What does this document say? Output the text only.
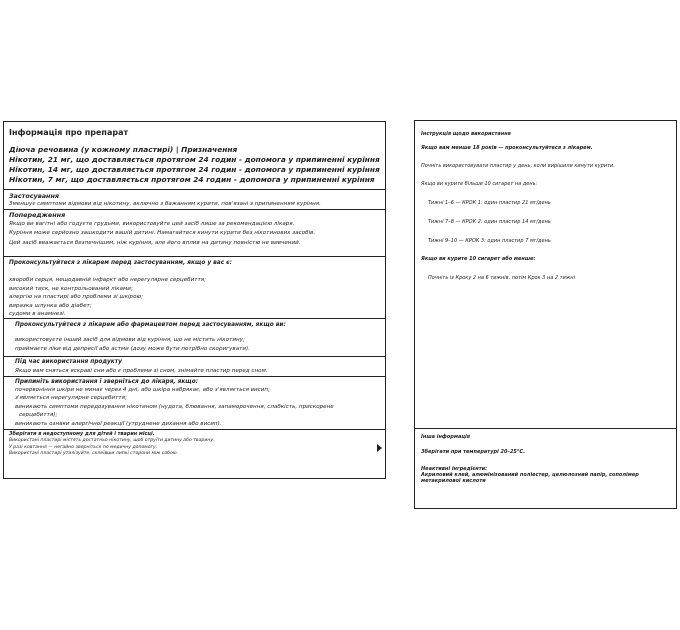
Інформація про препарат

Діюча речовина (у кожному пластирі) | Призначення

Нікотин, 21 мг, що доставляється протягом 24 годин - допомога у припиненні куріння

Нікотин, 14 мг, що доставляється протягом 24 годин - допомога у припиненні куріння

Нікотин, 7 мг, що доставляється протягом 24 годин - допомога у припиненні куріння

Застосування

Зменшує симптоми відмови від нікотину, включно з бажанням курити, пов'язані з припиненням куріння.

Попередження

Якщо ви вагітні або годуєте грудьми, використовуйте цей засіб лише за рекомендацією лікаря.

Куріння може серйозно зашкодити вашій дитині. Намагайтеся кинути курити без нікотинових засобів.

Цей засіб вважається безпечнішим, ніж куріння, але його вплив на дитину повністю не вивчений.

Проконсультуйтеся з лікарем перед застосуванням, якщо у вас є:

хвороби серця, нещодавній інфаркт або нерегулярне серцебиття;

високий тиск, не контрольований ліками;

алергію на пластирі або проблеми зі шкірою;

виразка шлунка або діабет;

судоми в анамнезі.

Проконсультуйтеся з лікарем або фармацевтом перед застосуванням, якщо ви:

використовуєте інший засіб для відмови від куріння, що не містить нікотину;

приймаєте ліки від депресії або астми (дозу може бути потрібно скоригувати).

Під час використання продукту

Якщо вам сняться яскраві сни або є проблеми зі сном, знімайте пластир перед сном.

Припиніть використання і зверніться до лікаря, якщо:

почервоніння шкіри не минає через 4 дні, або шкіра набрякає, або з'являється висип;

з'являється нерегулярне серцебиття;

виникають симптоми передозування нікотином (нудота, блювання, запаморочення, слабкість, прискорене

серцебиття);

виникають ознаки алергічної реакції (утруднене дихання або висип).

Зберігати в недоступному для дітей і тварин місці.

Використані пластирі містять достатньо нікотину, щоб отруїти дитину або тварину.

У разі ковтання — негайно зверніться по медичну допомогу.

Використані пластирі утилізуйте, склеївши липкі сторони між собою.

Інструкція щодо використання

Якщо вам менше 18 років — проконсультуйтеся з лікарем.

Почніть використовувати пластир у день, коли вирішили кинути курити.

Якщо ви курите більше 10 сигарет на день:

Тижні 1–6 — КРОК 1: один пластир 21 мг/день

Тижні 7–8 — КРОК 2: один пластир 14 мг/день

Тижні 9–10 — КРОК 3: один пластир 7 мг/день

Якщо ви курите 10 сигарет або менше:

Почніть із Кроку 2 на 6 тижнів, потім Крок 3 на 2 тижні

Інша інформація

Зберігати при температурі 20–25°C.

Неактивні інгредієнти:

Акриловий клей, алюмінізований поліестер, целюлозний папір, сополімер метакрилової кислоти
